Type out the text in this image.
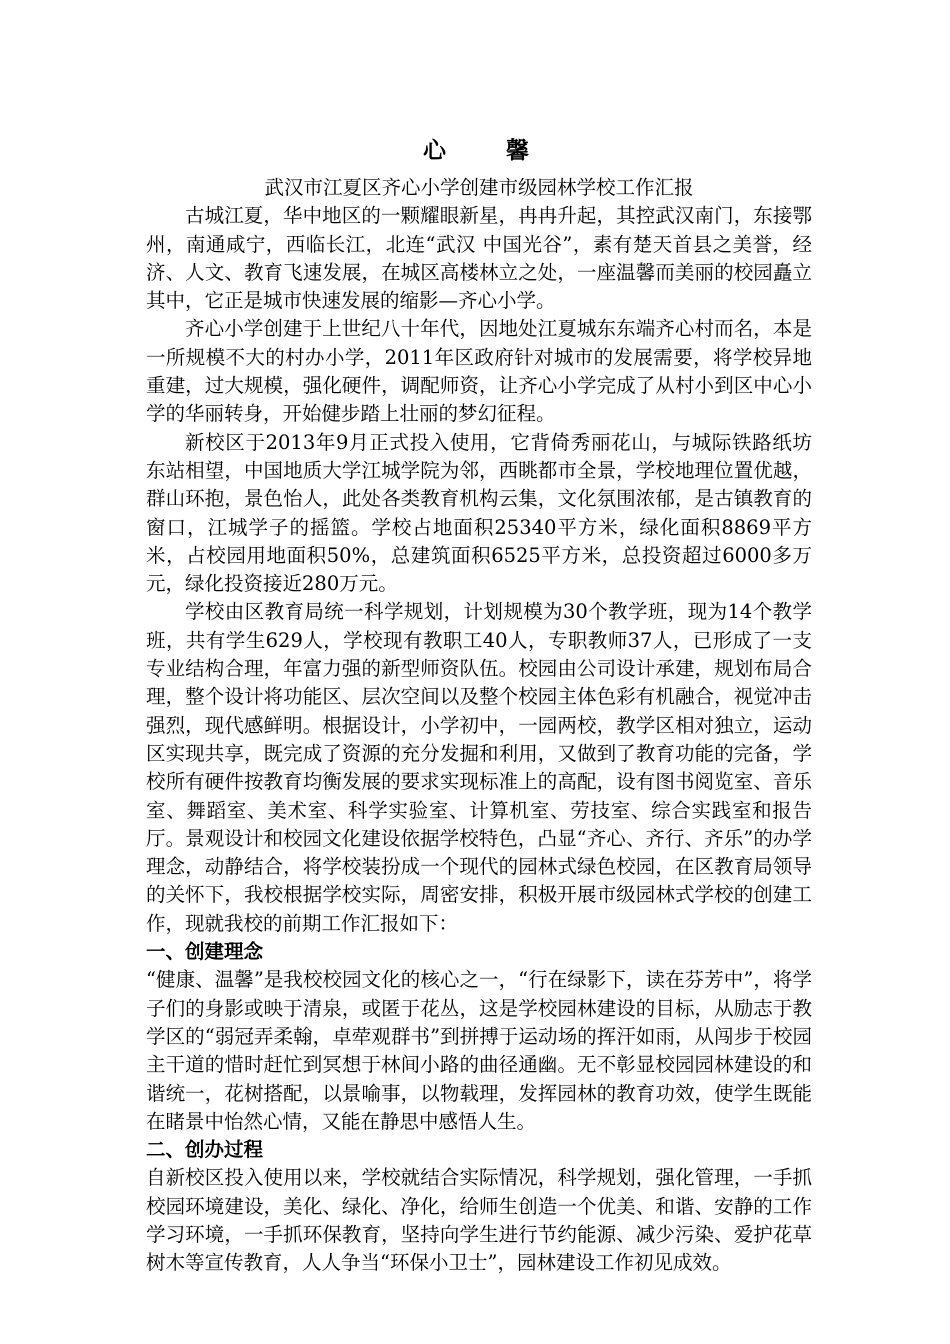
心 馨
武汉市江夏区齐心小学创建市级园林学校工作汇报

古城江夏，华中地区的一颗耀眼新星，冉冉升起，其控武汉南门，东接鄂州，南通咸宁，西临长江，北连“武汉 中国光谷”，素有楚天首县之美誉，经济、人文、教育飞速发展，在城区高楼林立之处，一座温馨而美丽的校园矗立其中，它正是城市快速发展的缩影—齐心小学。

齐心小学创建于上世纪八十年代，因地处江夏城东东端齐心村而名，本是一所规模不大的村办小学，2011年区政府针对城市的发展需要，将学校异地重建，过大规模，强化硬件，调配师资，让齐心小学完成了从村小到区中心小学的华丽转身，开始健步踏上壮丽的梦幻征程。

新校区于2013年9月正式投入使用，它背倚秀丽花山，与城际铁路纸坊东站相望，中国地质大学江城学院为邻，西眺都市全景，学校地理位置优越，群山环抱，景色怡人，此处各类教育机构云集，文化氛围浓郁，是古镇教育的窗口，江城学子的摇篮。学校占地面积25340平方米，绿化面积8869平方米，占校园用地面积50%，总建筑面积6525平方米，总投资超过6000多万元，绿化投资接近280万元。

学校由区教育局统一科学规划，计划规模为30个教学班，现为14个教学班，共有学生629人，学校现有教职工40人，专职教师37人，已形成了一支专业结构合理，年富力强的新型师资队伍。校园由公司设计承建，规划布局合理，整个设计将功能区、层次空间以及整个校园主体色彩有机融合，视觉冲击强烈，现代感鲜明。根据设计，小学初中，一园两校，教学区相对独立，运动区实现共享，既完成了资源的充分发掘和利用，又做到了教育功能的完备，学校所有硬件按教育均衡发展的要求实现标准上的高配，设有图书阅览室、音乐室、舞蹈室、美术室、科学实验室、计算机室、劳技室、综合实践室和报告厅。景观设计和校园文化建设依据学校特色，凸显“齐心、齐行、齐乐”的办学理念，动静结合，将学校装扮成一个现代的园林式绿色校园，在区教育局领导的关怀下，我校根据学校实际，周密安排，积极开展市级园林式学校的创建工作，现就我校的前期工作汇报如下：

一、创建理念

“健康、温馨”是我校校园文化的核心之一，“行在绿影下，读在芬芳中”，将学子们的身影或映于清泉，或匿于花丛，这是学校园林建设的目标，从励志于教学区的“弱冠弄柔翰，卓荦观群书”到拼搏于运动场的挥汗如雨，从闯步于校园主干道的惜时赶忙到冥想于林间小路的曲径通幽。无不彰显校园园林建设的和谐统一，花树搭配，以景喻事，以物载理，发挥园林的教育功效，使学生既能在睹景中怡然心情，又能在静思中感悟人生。

二、创办过程

自新校区投入使用以来，学校就结合实际情况，科学规划，强化管理，一手抓校园环境建设，美化、绿化、净化，给师生创造一个优美、和谐、安静的工作学习环境，一手抓环保教育，坚持向学生进行节约能源、减少污染、爱护花草树木等宣传教育，人人争当“环保小卫士”，园林建设工作初见成效。
